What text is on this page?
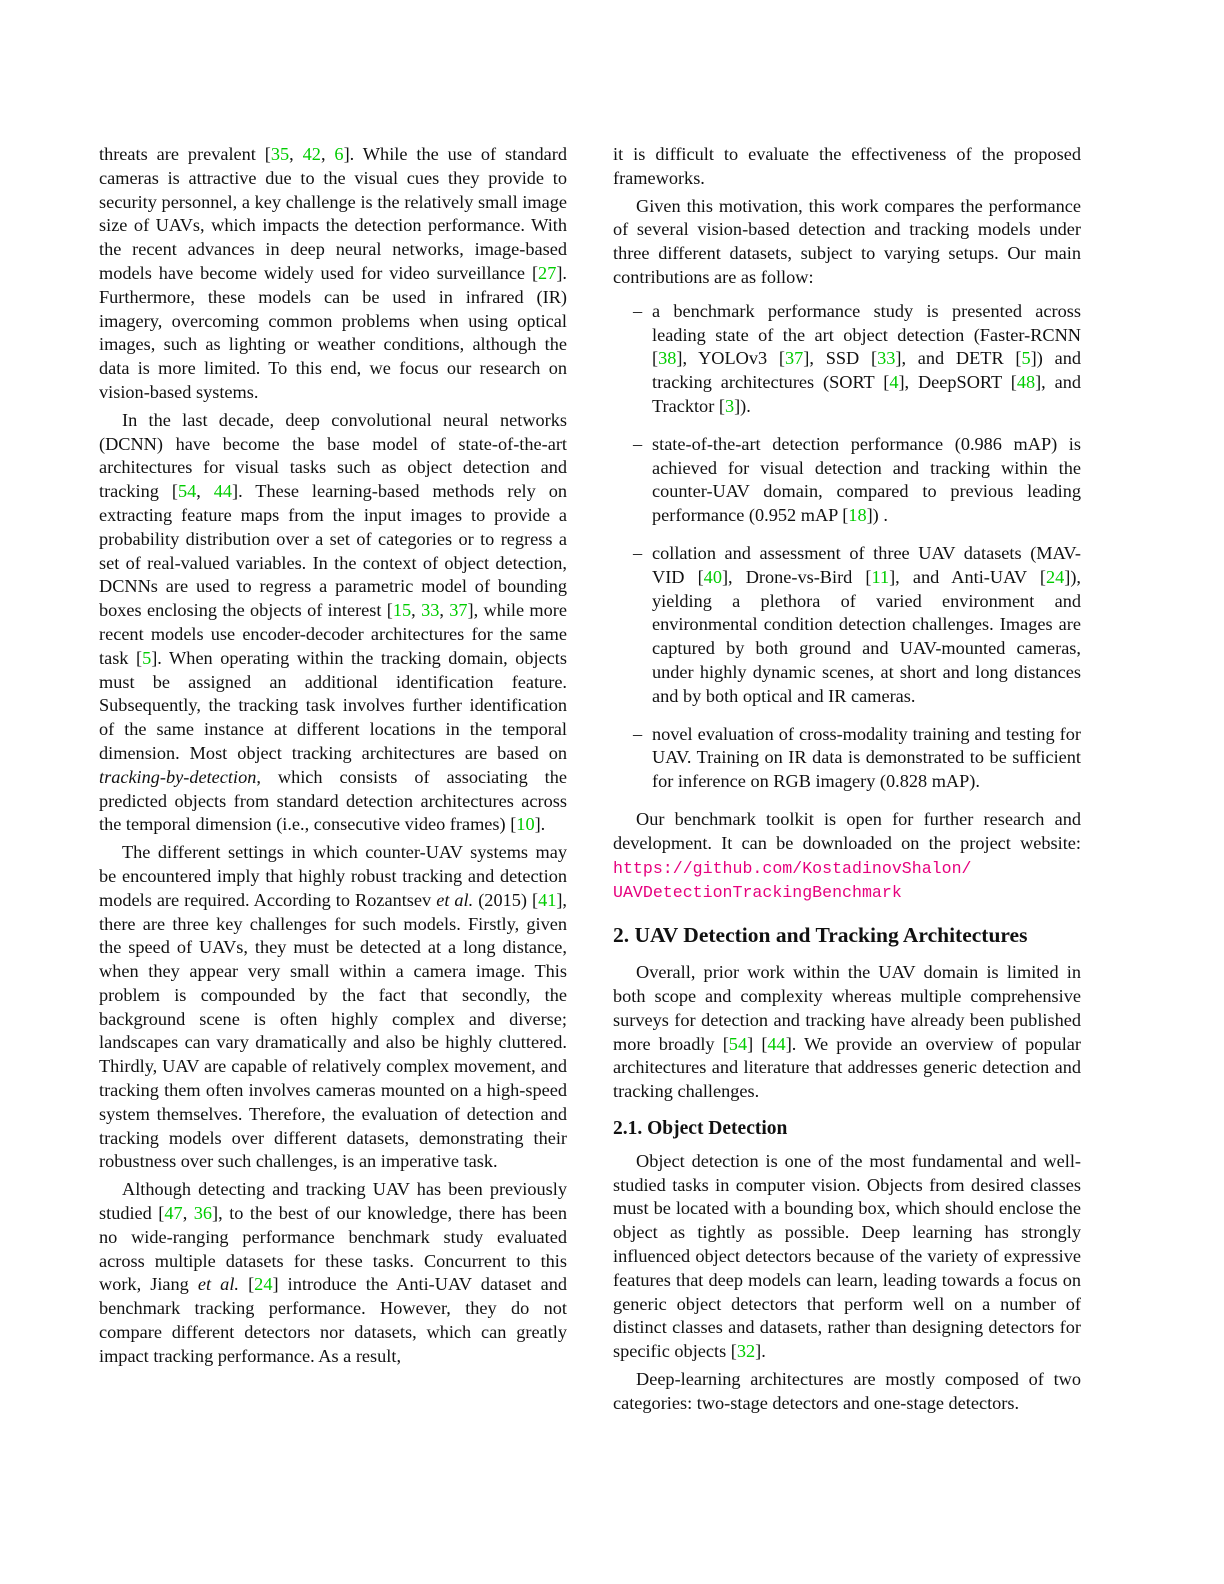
threats are prevalent [35, 42, 6]. While the use of standard cameras is attractive due to the visual cues they provide to security personnel, a key challenge is the relatively small image size of UAVs, which impacts the detection performance. With the recent advances in deep neural networks, image-based models have become widely used for video surveillance [27]. Furthermore, these models can be used in infrared (IR) imagery, overcoming common problems when using optical images, such as lighting or weather conditions, although the data is more limited. To this end, we focus our research on vision-based systems.

In the last decade, deep convolutional neural networks (DCNN) have become the base model of state-of-the-art architectures for visual tasks such as object detection and tracking [54, 44]. These learning-based methods rely on extracting feature maps from the input images to provide a probability distribution over a set of categories or to regress a set of real-valued variables. In the context of object detection, DCNNs are used to regress a parametric model of bounding boxes enclosing the objects of interest [15, 33, 37], while more recent models use encoder-decoder architectures for the same task [5]. When operating within the tracking domain, objects must be assigned an additional identification feature. Subsequently, the tracking task involves further identification of the same instance at different locations in the temporal dimension. Most object tracking architectures are based on tracking-by-detection, which consists of associating the predicted objects from standard detection architectures across the temporal dimension (i.e., consecutive video frames) [10].

The different settings in which counter-UAV systems may be encountered imply that highly robust tracking and detection models are required. According to Rozantsev et al. (2015) [41], there are three key challenges for such models. Firstly, given the speed of UAVs, they must be detected at a long distance, when they appear very small within a camera image. This problem is compounded by the fact that secondly, the background scene is often highly complex and diverse; landscapes can vary dramatically and also be highly cluttered. Thirdly, UAV are capable of relatively complex movement, and tracking them often involves cameras mounted on a high-speed system themselves. Therefore, the evaluation of detection and tracking models over different datasets, demonstrating their robustness over such challenges, is an imperative task.

Although detecting and tracking UAV has been previously studied [47, 36], to the best of our knowledge, there has been no wide-ranging performance benchmark study evaluated across multiple datasets for these tasks. Concurrent to this work, Jiang et al. [24] introduce the Anti-UAV dataset and benchmark tracking performance. However, they do not compare different detectors nor datasets, which can greatly impact tracking performance. As a result,

it is difficult to evaluate the effectiveness of the proposed frameworks.

Given this motivation, this work compares the performance of several vision-based detection and tracking models under three different datasets, subject to varying setups. Our main contributions are as follow:

– a benchmark performance study is presented across leading state of the art object detection (Faster-RCNN [38], YOLOv3 [37], SSD [33], and DETR [5]) and tracking architectures (SORT [4], DeepSORT [48], and Tracktor [3]).
– state-of-the-art detection performance (0.986 mAP) is achieved for visual detection and tracking within the counter-UAV domain, compared to previous leading performance (0.952 mAP [18]) .
– collation and assessment of three UAV datasets (MAV-VID [40], Drone-vs-Bird [11], and Anti-UAV [24]), yielding a plethora of varied environment and environmental condition detection challenges. Images are captured by both ground and UAV-mounted cameras, under highly dynamic scenes, at short and long distances and by both optical and IR cameras.
– novel evaluation of cross-modality training and testing for UAV. Training on IR data is demonstrated to be sufficient for inference on RGB imagery (0.828 mAP).

Our benchmark toolkit is open for further research and development. It can be downloaded on the project website: https://github.com/KostadinovShalon/
UAVDetectionTrackingBenchmark

2. UAV Detection and Tracking Architectures

Overall, prior work within the UAV domain is limited in both scope and complexity whereas multiple comprehensive surveys for detection and tracking have already been published more broadly [54] [44]. We provide an overview of popular architectures and literature that addresses generic detection and tracking challenges.

2.1. Object Detection

Object detection is one of the most fundamental and well-studied tasks in computer vision. Objects from desired classes must be located with a bounding box, which should enclose the object as tightly as possible. Deep learning has strongly influenced object detectors because of the variety of expressive features that deep models can learn, leading towards a focus on generic object detectors that perform well on a number of distinct classes and datasets, rather than designing detectors for specific objects [32].

Deep-learning architectures are mostly composed of two categories: two-stage detectors and one-stage detectors.
